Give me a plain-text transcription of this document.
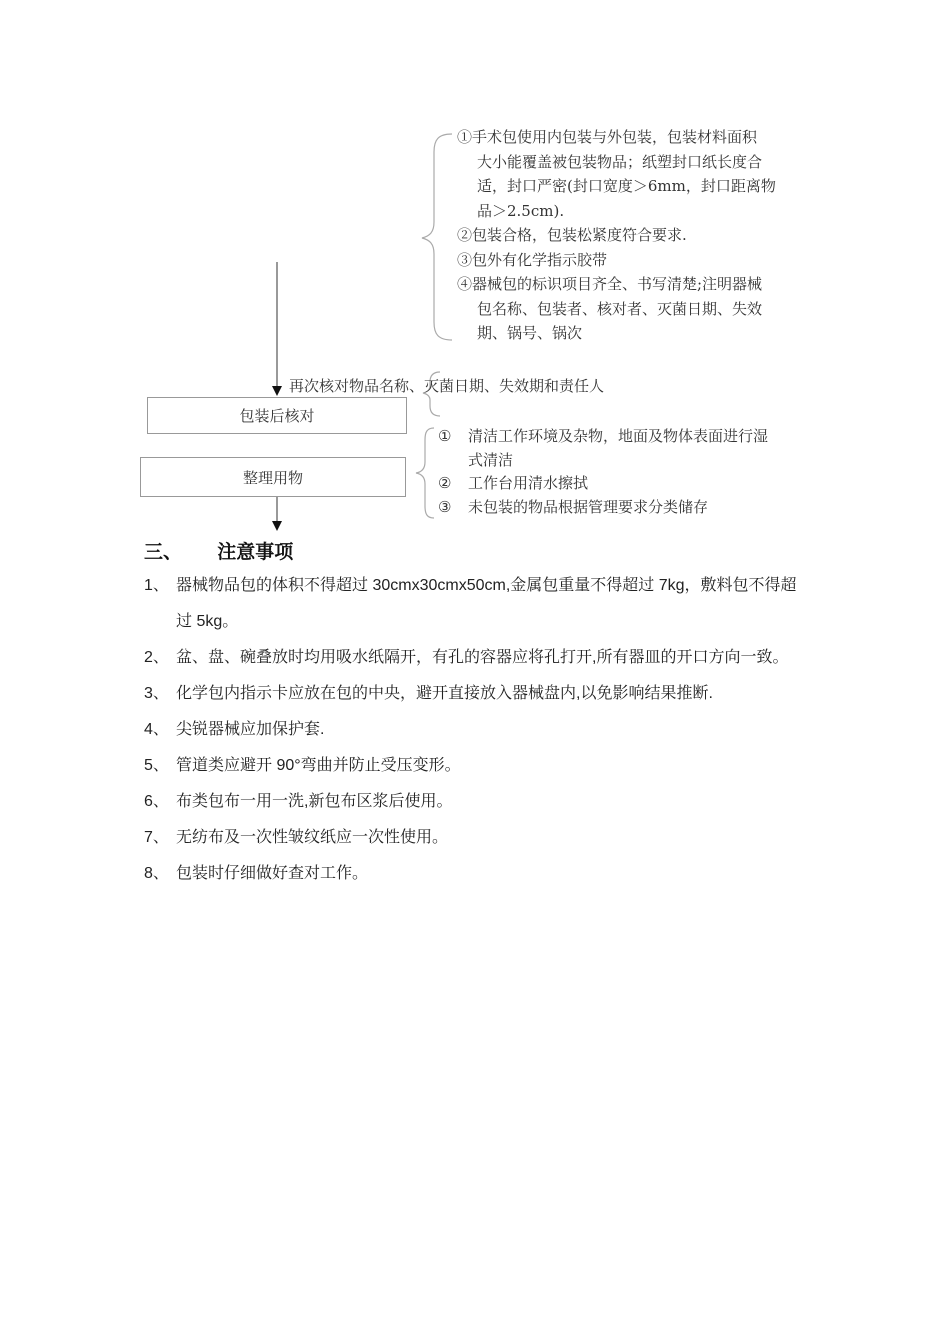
①手术包使用内包装与外包装，包装材料面积
大小能覆盖被包装物品；纸塑封口纸长度合
适，封口严密(封口宽度＞6mm，封口距离物
品＞2.5cm).
②包装合格，包装松紧度符合要求.
③包外有化学指示胶带
④器械包的标识项目齐全、书写清楚;注明器械
包名称、包装者、核对者、灭菌日期、失效
期、锅号、锅次
再次核对物品名称、灭菌日期、失效期和责任人
包装后核对
整理用物
①	清洁工作环境及杂物，地面及物体表面进行湿
式清洁
②	工作台用清水擦拭
③	未包装的物品根据管理要求分类储存
三、 注意事项
1、 器械物品包的体积不得超过 30cmx30cmx50cm,金属包重量不得超过 7kg，敷料包不得超过 5kg。
2、 盆、盘、碗叠放时均用吸水纸隔开，有孔的容器应将孔打开,所有器皿的开口方向一致。
3、 化学包内指示卡应放在包的中央，避开直接放入器械盘内,以免影响结果推断.
4、 尖锐器械应加保护套.
5、 管道类应避开 90°弯曲并防止受压变形。
6、 布类包布一用一洗,新包布区浆后使用。
7、 无纺布及一次性皱纹纸应一次性使用。
8、 包装时仔细做好查对工作。
